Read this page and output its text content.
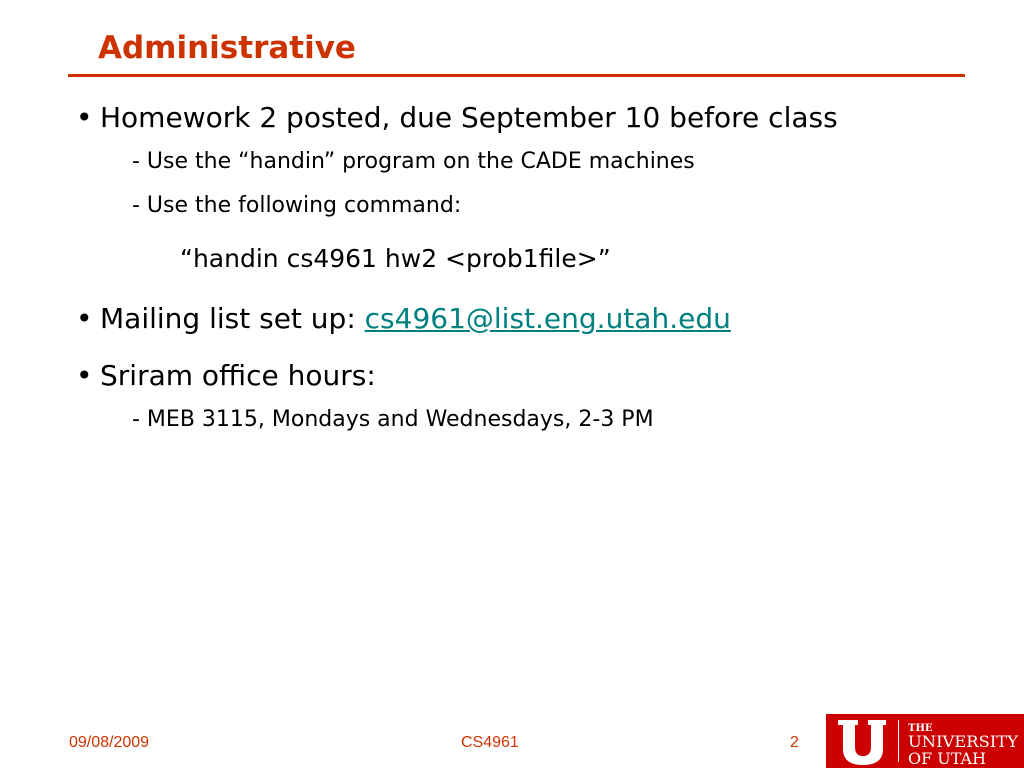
Administrative
• Homework 2 posted, due September 10 before class
- Use the “handin” program on the CADE machines
- Use the following command:
“handin cs4961 hw2 <prob1file>”
• Mailing list set up: cs4961@list.eng.utah.edu
• Sriram office hours:
- MEB 3115, Mondays and Wednesdays, 2-3 PM
09/08/2009	CS4961	2
THE
UNIVERSITY
OF UTAH
